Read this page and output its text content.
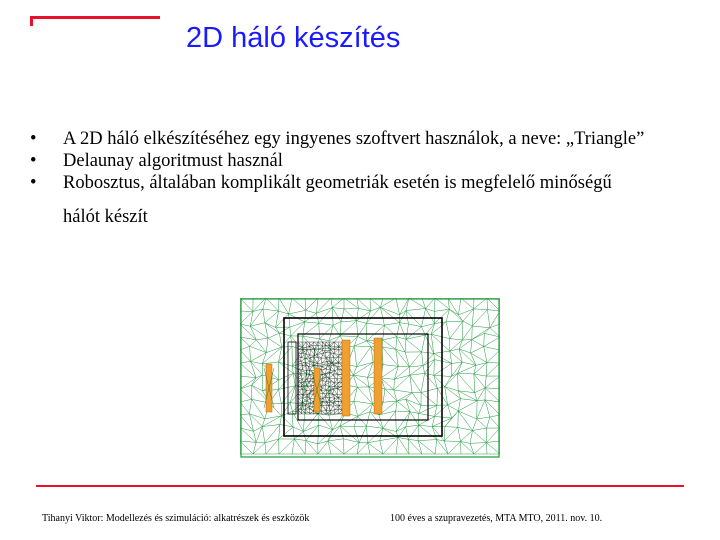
2D háló készítés
• A 2D háló elkészítéséhez egy ingyenes szoftvert használok, a neve: „Triangle”
• Delaunay algoritmust használ
• Robosztus, általában komplikált geometriák esetén is megfelelő minőségű
hálót készít
Tihanyi Viktor: Modellezés és szimuláció: alkatrészek és eszközök	100 éves a szupravezetés, MTA MTO, 2011. nov. 10.
